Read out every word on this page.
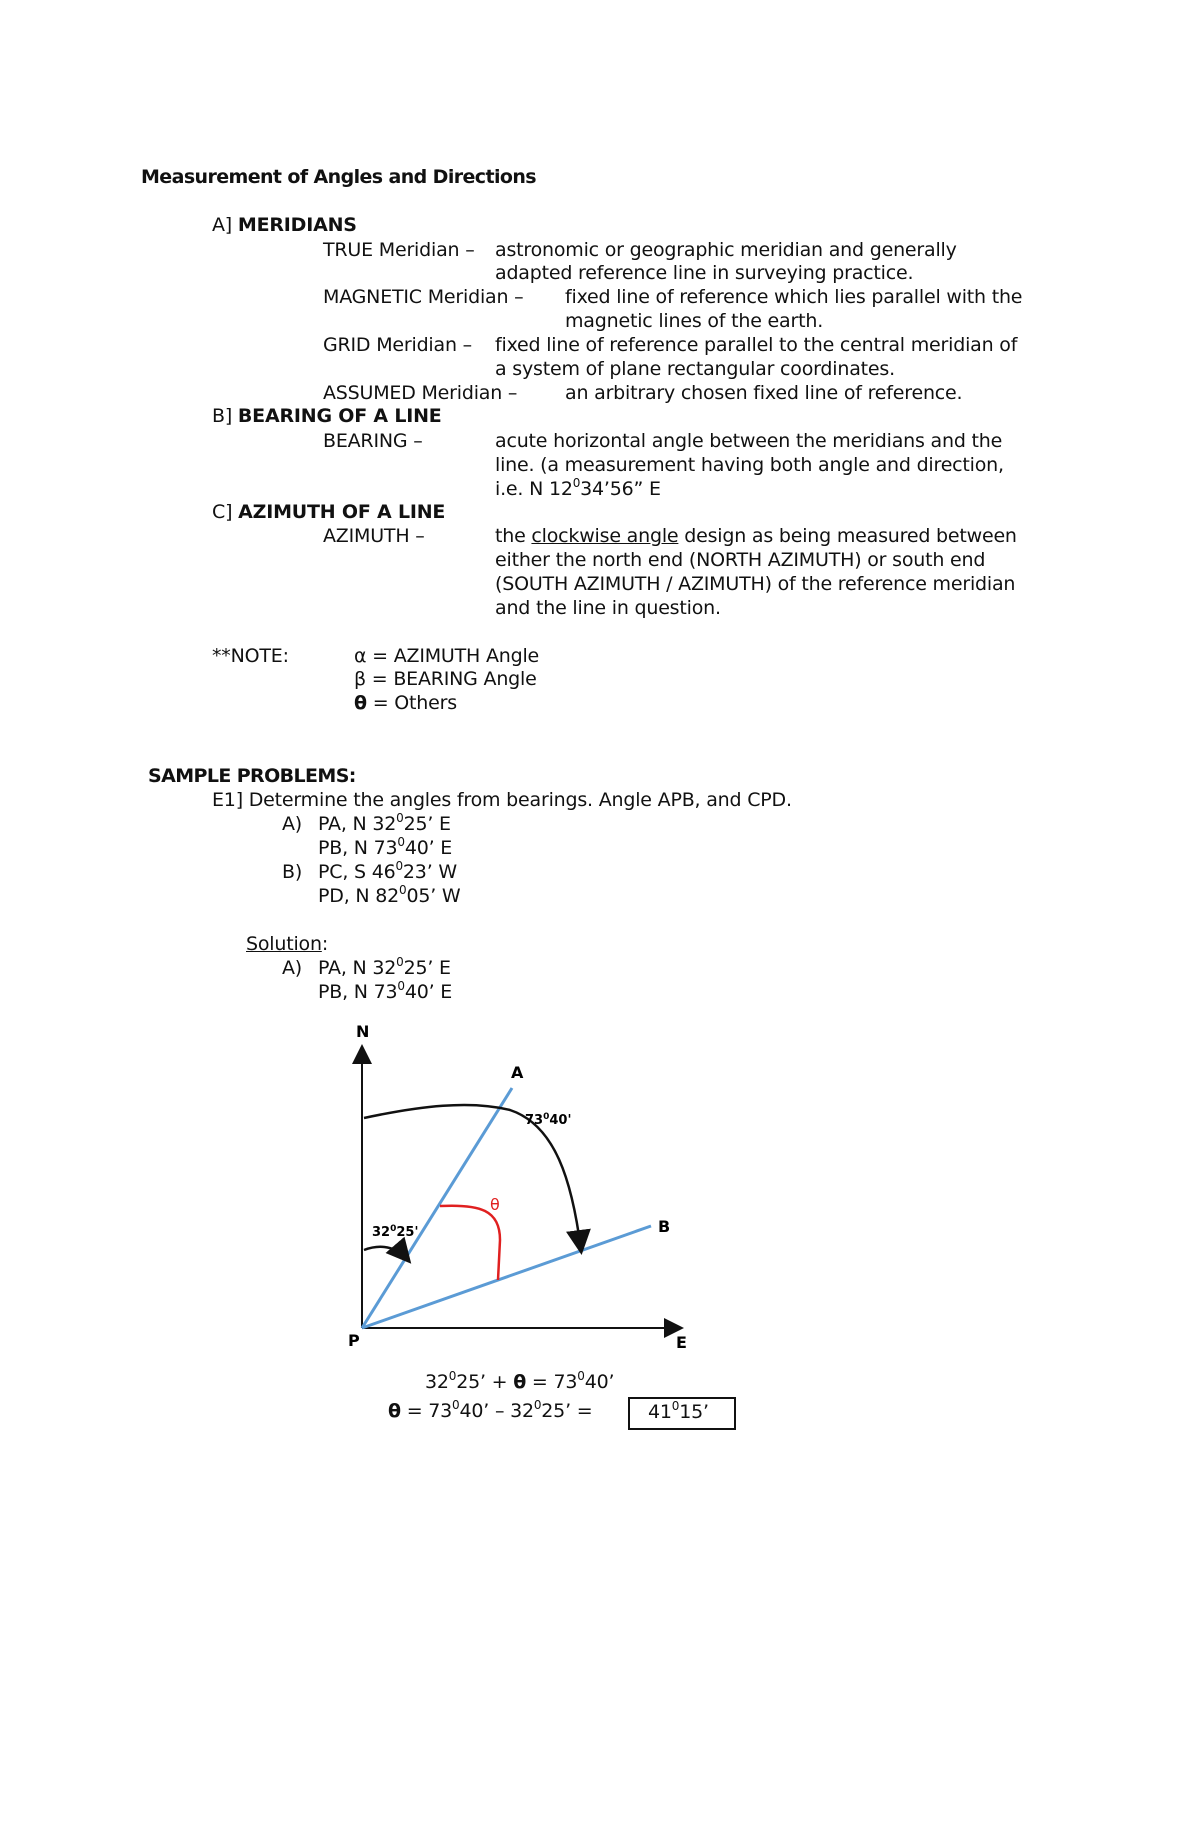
Measurement of Angles and Directions
A] MERIDIANS
TRUE Meridian – astronomic or geographic meridian and generally
adapted reference line in surveying practice.
MAGNETIC Meridian – fixed line of reference which lies parallel with the
magnetic lines of the earth.
GRID Meridian – fixed line of reference parallel to the central meridian of
a system of plane rectangular coordinates.
ASSUMED Meridian –	an arbitrary chosen fixed line of reference.
B] BEARING OF A LINE
BEARING –	acute horizontal angle between the meridians and the
line. (a measurement having both angle and direction,
i.e. N $12^034’56$” E
C] AZIMUTH OF A LINE
AZIMUTH –	the clockwise angle design as being measured between
either the north end (NORTH AZIMUTH) or south end
(SOUTH AZIMUTH / AZIMUTH) of the reference meridian
and the line in question.
**NOTE:	α = AZIMUTH Angle
β = BEARING Angle
θ = Others
SAMPLE PROBLEMS:
E1] Determine the angles from bearings. Angle APB, and CPD.
A) PA, N $32^025$’ E
PB, N $73^040$’ E
B) PC, S $46^023$’ W
PD, N $82^005$’ W
Solution:
A) PA, N $32^025$’ E
PB, N $73^040$’ E
N
A
B
P	E
$73^040'$
$32^025'$
θ
$32^025$’ + $\theta = 73^040$’
$\theta = 73^040$’ – $32^025$’ =	$41^015$’
